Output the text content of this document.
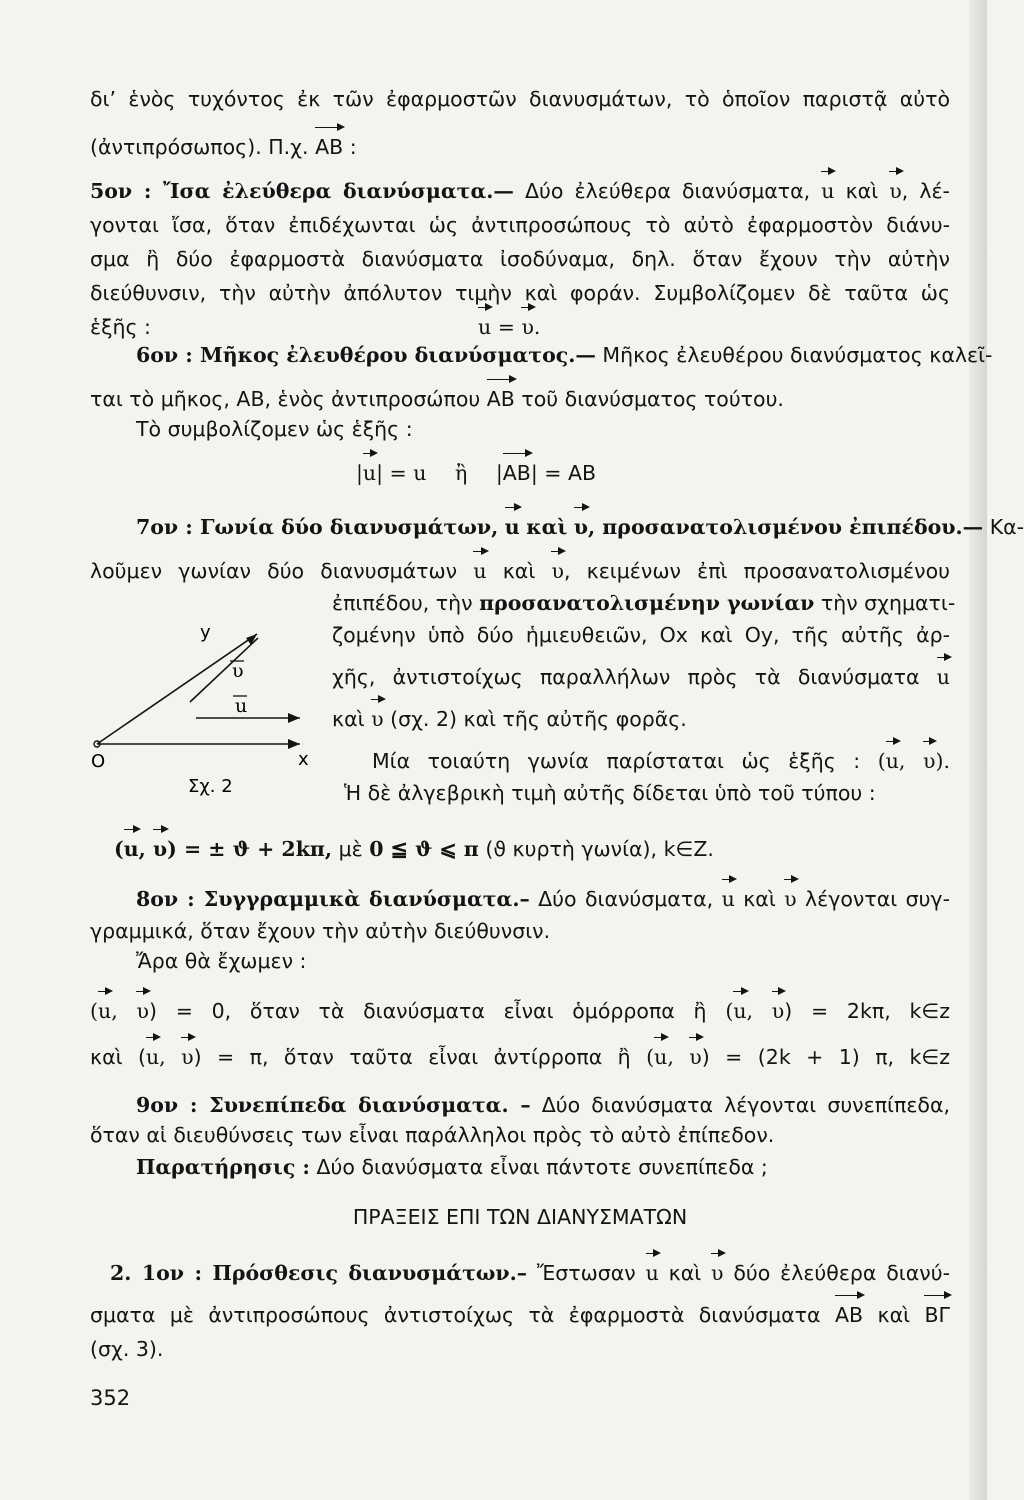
δι’ ἑνὸς τυχόντος ἐκ τῶν ἐφαρμοστῶν διανυσμάτων, τὸ ὁποῖον παριστᾷ αὐτὸ
(ἀντιπρόσωπος). Π.χ. AB :
5ον : Ἴσα ἐλεύθερα διανύσματα.— Δύο ἐλεύθερα διανύσματα, u καὶ υ, λέ-
γονται ἴσα, ὅταν ἐπιδέχωνται ὡς ἀντιπροσώπους τὸ αὐτὸ ἐφαρμοστὸν διάνυ-
σμα ἢ δύο ἐφαρμοστὰ διανύσματα ἰσοδύναμα, δηλ. ὅταν ἔχουν τὴν αὐτὴν
διεύθυνσιν, τὴν αὐτὴν ἀπόλυτον τιμὴν καὶ φοράν. Συμβολίζομεν δὲ ταῦτα ὡς
ἑξῆς :	u = υ.
6ον : Μῆκος ἐλευθέρου διανύσματος.— Μῆκος ἐλευθέρου διανύσματος καλεῖ-
ται τὸ μῆκος, AB, ἑνὸς ἀντιπροσώπου AB τοῦ διανύσματος τούτου.
Τὸ συμβολίζομεν ὡς ἑξῆς :
|u| = u ἢ |AB| = AB
7ον : Γωνία δύο διανυσμάτων, u καὶ υ, προσανατολισμένου ἐπιπέδου.— Κα-
λοῦμεν γωνίαν δύο διανυσμάτων u καὶ υ, κειμένων ἐπὶ προσανατολισμένου
ἐπιπέδου, τὴν προσανατολισμένην γωνίαν τὴν σχηματι-
ζομένην ὑπὸ δύο ἡμιευθειῶν, Ox καὶ Oy, τῆς αὐτῆς ἀρ-
χῆς, ἀντιστοίχως παραλλήλων πρὸς τὰ διανύσματα u
καὶ υ (σχ. 2) καὶ τῆς αὐτῆς φορᾶς.
Μία τοιαύτη γωνία παρίσταται ὡς ἑξῆς : (u, υ).
Ἡ δὲ ἀλγεβρικὴ τιμὴ αὐτῆς δίδεται ὑπὸ τοῦ τύπου :
(u, υ) = ± ϑ + 2kπ, μὲ 0 ≦ ϑ ⩽ π (ϑ κυρτὴ γωνία), k∈Z.
y
x
O
υ
u
Σχ. 2
8ον : Συγγραμμικὰ διανύσματα.– Δύο διανύσματα, u καὶ υ λέγονται συγ-
γραμμικά, ὅταν ἔχουν τὴν αὐτὴν διεύθυνσιν.
Ἄρα θὰ ἔχωμεν :
(u, υ) = 0, ὅταν τὰ διανύσματα εἶναι ὁμόρροπα ἢ (u, υ) = 2kπ, k∈z
καὶ (u, υ) = π, ὅταν ταῦτα εἶναι ἀντίρροπα ἢ (u, υ) = (2k + 1) π, k∈z
9ον : Συνεπίπεδα διανύσματα. – Δύο διανύσματα λέγονται συνεπίπεδα,
ὅταν αἱ διευθύνσεις των εἶναι παράλληλοι πρὸς τὸ αὐτὸ ἐπίπεδον.
Παρατήρησις : Δύο διανύσματα εἶναι πάντοτε συνεπίπεδα ;
ΠΡΑΞΕΙΣ ΕΠΙ ΤΩΝ ΔΙΑΝΥΣΜΑΤΩΝ
2. 1ον : Πρόσθεσις διανυσμάτων.– Ἔστωσαν u καὶ υ δύο ἐλεύθερα διανύ-
σματα μὲ ἀντιπροσώπους ἀντιστοίχως τὰ ἐφαρμοστὰ διανύσματα AB καὶ BΓ
(σχ. 3).
352
